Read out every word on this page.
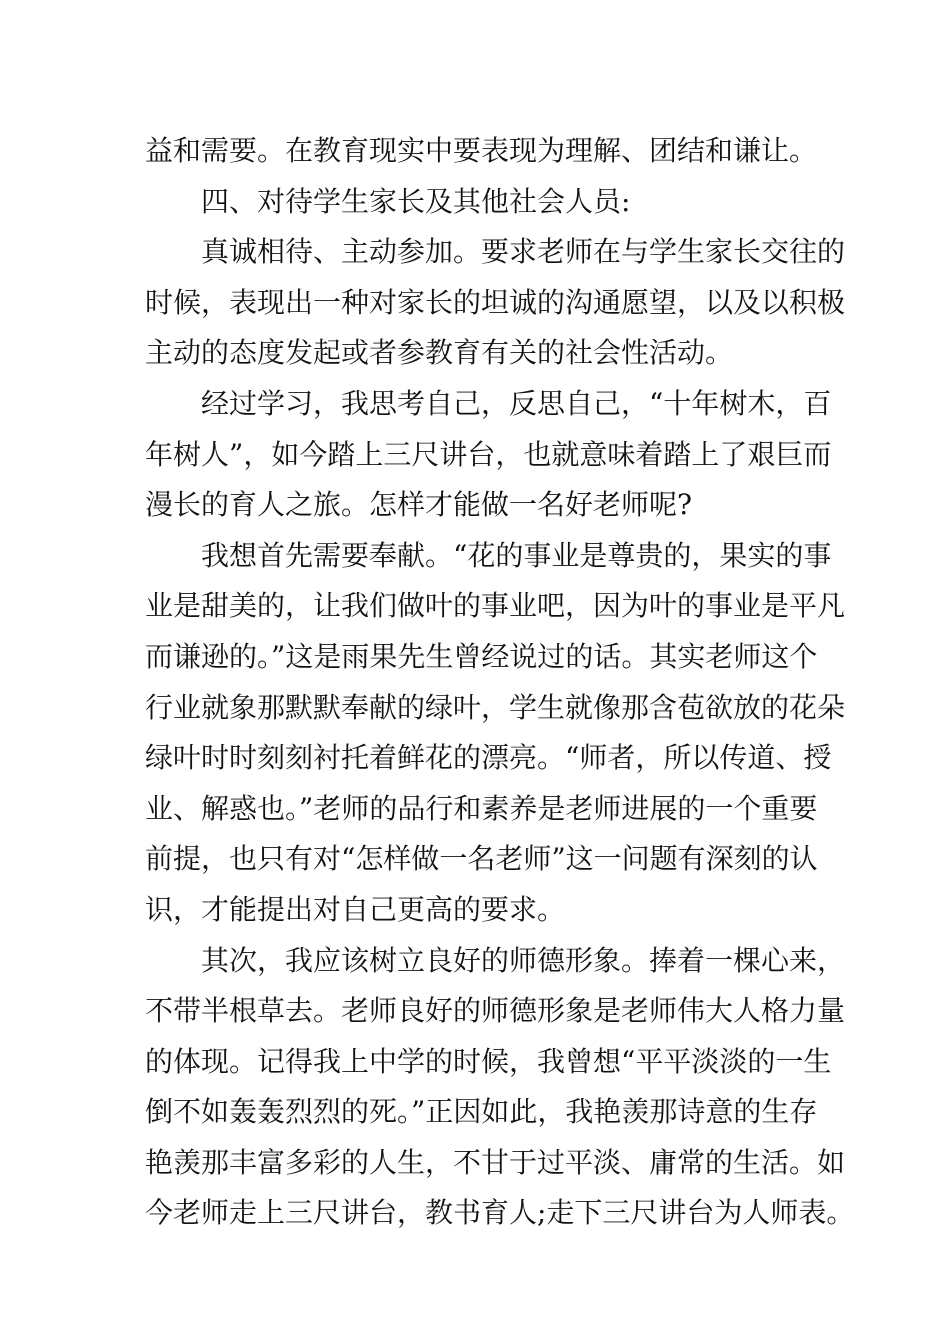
益和需要。在教育现实中要表现为理解、团结和谦让。
四、对待学生家长及其他社会人员:
真诚相待、主动参加。要求老师在与学生家长交往的
时候，表现出一种对家长的坦诚的沟通愿望，以及以积极
主动的态度发起或者参教育有关的社会性活动。
经过学习，我思考自己，反思自己，“十年树木，百
年树人”，如今踏上三尺讲台，也就意味着踏上了艰巨而
漫长的育人之旅。怎样才能做一名好老师呢?
我想首先需要奉献。“花的事业是尊贵的，果实的事
业是甜美的，让我们做叶的事业吧，因为叶的事业是平凡
而谦逊的。”这是雨果先生曾经说过的话。其实老师这个
行业就象那默默奉献的绿叶，学生就像那含苞欲放的花朵
绿叶时时刻刻衬托着鲜花的漂亮。“师者，所以传道、授
业、解惑也。”老师的品行和素养是老师进展的一个重要
前提，也只有对“怎样做一名老师”这一问题有深刻的认
识，才能提出对自己更高的要求。
其次，我应该树立良好的师德形象。捧着一棵心来，
不带半根草去。老师良好的师德形象是老师伟大人格力量
的体现。记得我上中学的时候，我曾想“平平淡淡的一生
倒不如轰轰烈烈的死。”正因如此，我艳羡那诗意的生存
艳羡那丰富多彩的人生，不甘于过平淡、庸常的生活。如
今老师走上三尺讲台，教书育人;走下三尺讲台为人师表。
